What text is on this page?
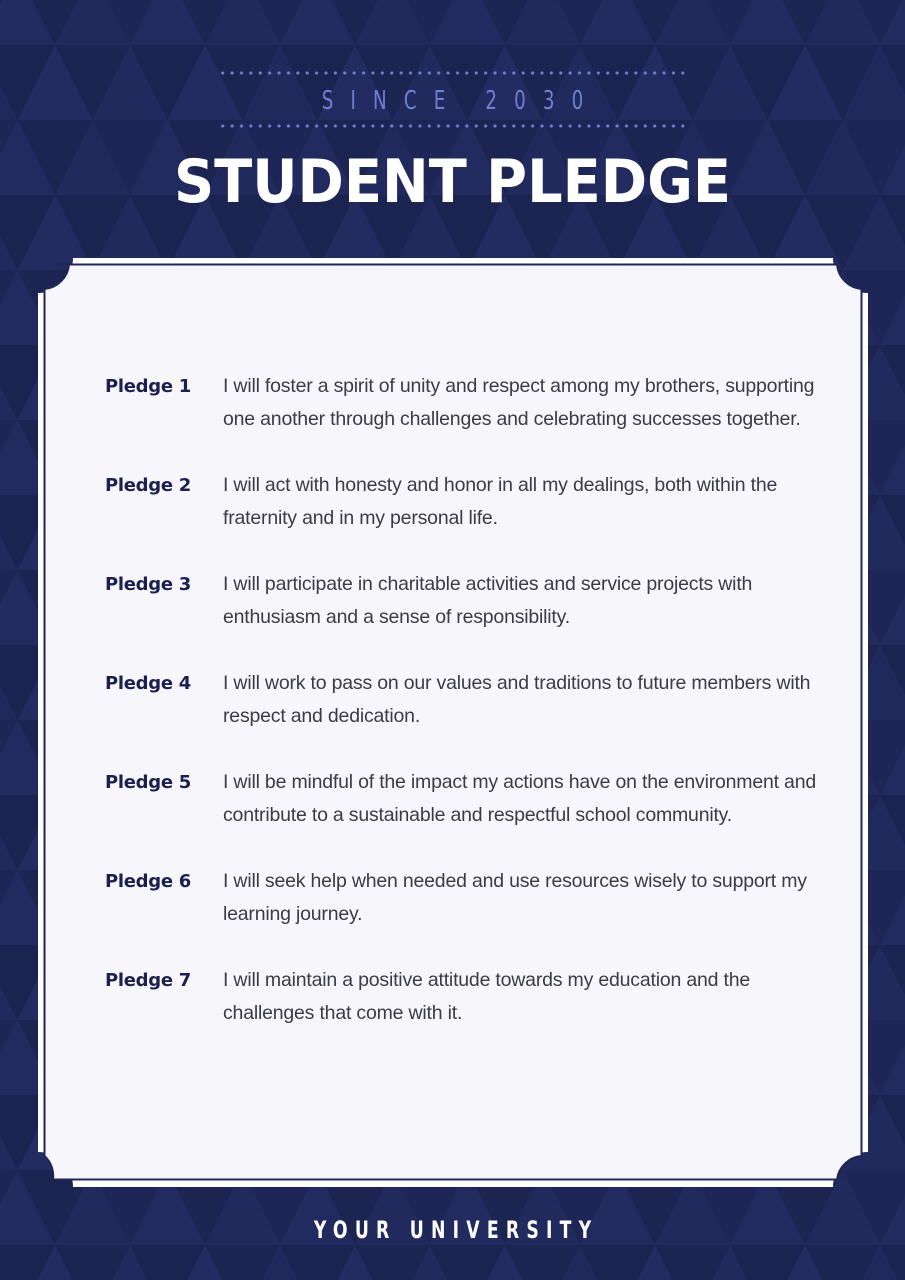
SINCE 2030
STUDENT PLEDGE
Pledge 1	I will foster a spirit of unity and respect among my brothers, supporting one another through challenges and celebrating successes together.
Pledge 2	I will act with honesty and honor in all my dealings, both within the fraternity and in my personal life.
Pledge 3	I will participate in charitable activities and service projects with enthusiasm and a sense of responsibility.
Pledge 4	I will work to pass on our values and traditions to future members with respect and dedication.
Pledge 5	I will be mindful of the impact my actions have on the environment and contribute to a sustainable and respectful school community.
Pledge 6	I will seek help when needed and use resources wisely to support my learning journey.
Pledge 7	I will maintain a positive attitude towards my education and the challenges that come with it.
YOUR UNIVERSITY
